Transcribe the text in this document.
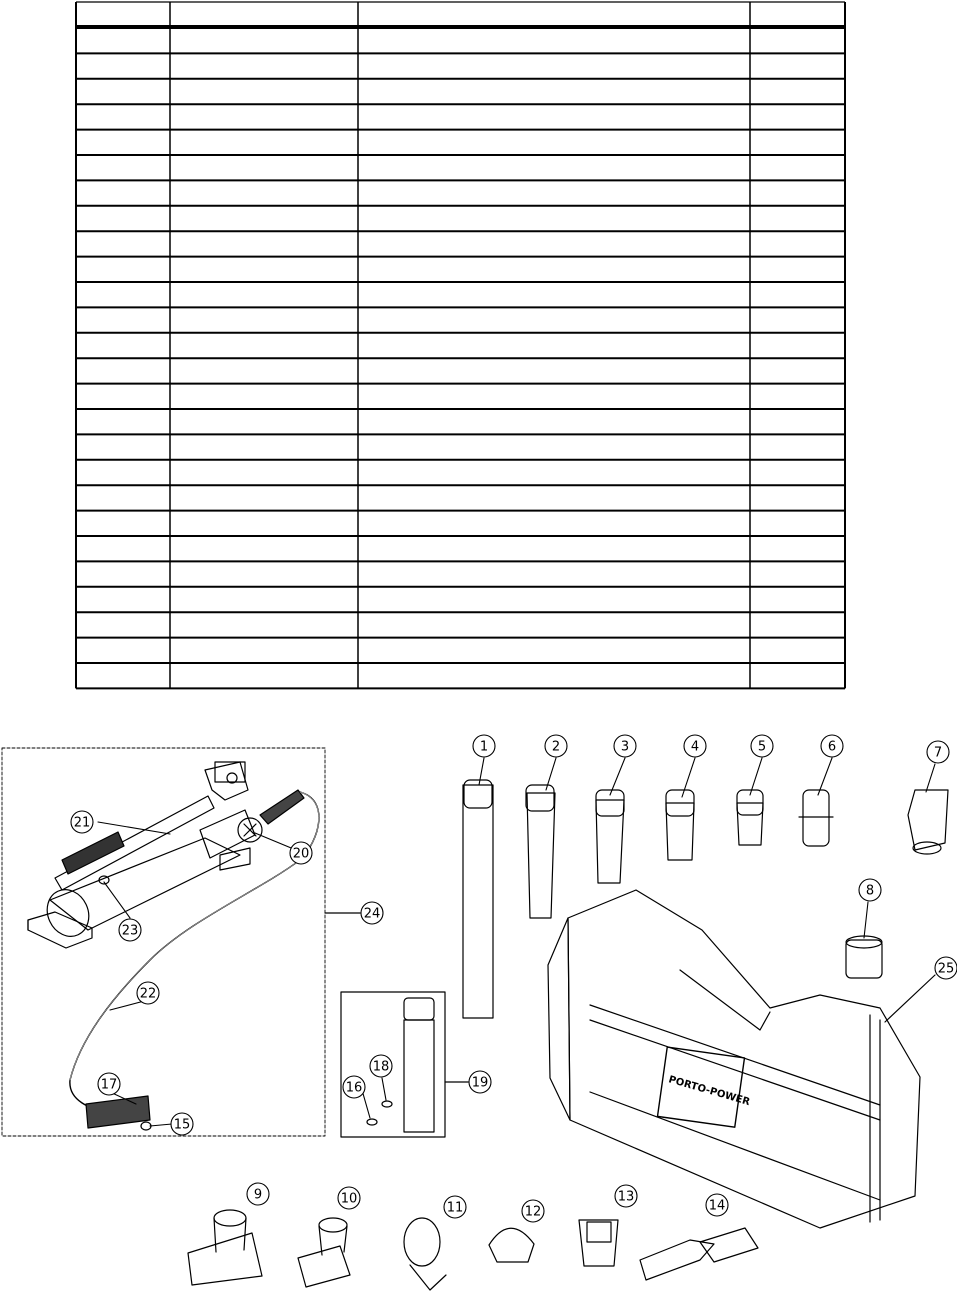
PORTO-POWER
1	2	3	4	5	6	7
8
9	10
11	12
13
14
15
16
17
18
19
20
21
22
23
24
25
